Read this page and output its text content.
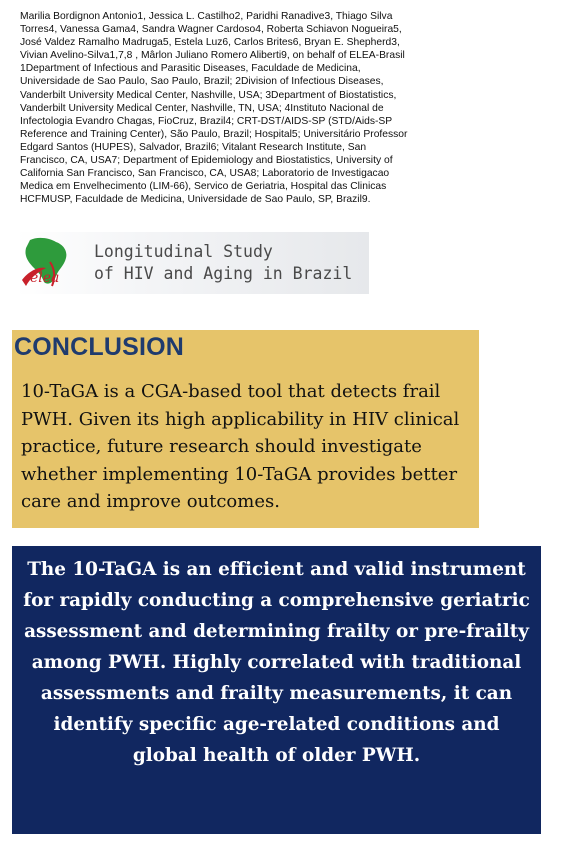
Marilia Bordignon Antonio1, Jessica L. Castilho2, Paridhi Ranadive3, Thiago Silva
Torres4, Vanessa Gama4, Sandra Wagner Cardoso4, Roberta Schiavon Nogueira5,
José Valdez Ramalho Madruga5, Estela Luz6, Carlos Brites6, Bryan E. Shepherd3,
Vivian Avelino-Silva1,7,8 , Mârlon Juliano Romero Aliberti9, on behalf of ELEA-Brasil
1Department of Infectious and Parasitic Diseases, Faculdade de Medicina,
Universidade de Sao Paulo, Sao Paulo, Brazil; 2Division of Infectious Diseases,
Vanderbilt University Medical Center, Nashville, USA; 3Department of Biostatistics,
Vanderbilt University Medical Center, Nashville, TN, USA; 4Instituto Nacional de
Infectologia Evandro Chagas, FioCruz, Brazil4; CRT-DST/AIDS-SP (STD/Aids-SP
Reference and Training Center), São Paulo, Brazil; Hospital5; Universitário Professor
Edgard Santos (HUPES), Salvador, Brazil6; Vitalant Research Institute, San
Francisco, CA, USA7; Department of Epidemiology and Biostatistics, University of
California San Francisco, San Francisco, CA, USA8; Laboratorio de Investigacao
Medica em Envelhecimento (LIM-66), Servico de Geriatria, Hospital das Clinicas
HCFMUSP, Faculdade de Medicina, Universidade de Sao Paulo, SP, Brazil9.
elea
Longitudinal Study
of HIV and Aging in Brazil
CONCLUSION
10-TaGA is a CGA-based tool that detects frail PWH. Given its high applicability in HIV clinical practice, future research should investigate whether implementing 10-TaGA provides better care and improve outcomes.
The 10-TaGA is an efficient and valid instrument for rapidly conducting a comprehensive geriatric assessment and determining frailty or pre-frailty among PWH. Highly correlated with traditional assessments and frailty measurements, it can identify specific age-related conditions and global health of older PWH.
